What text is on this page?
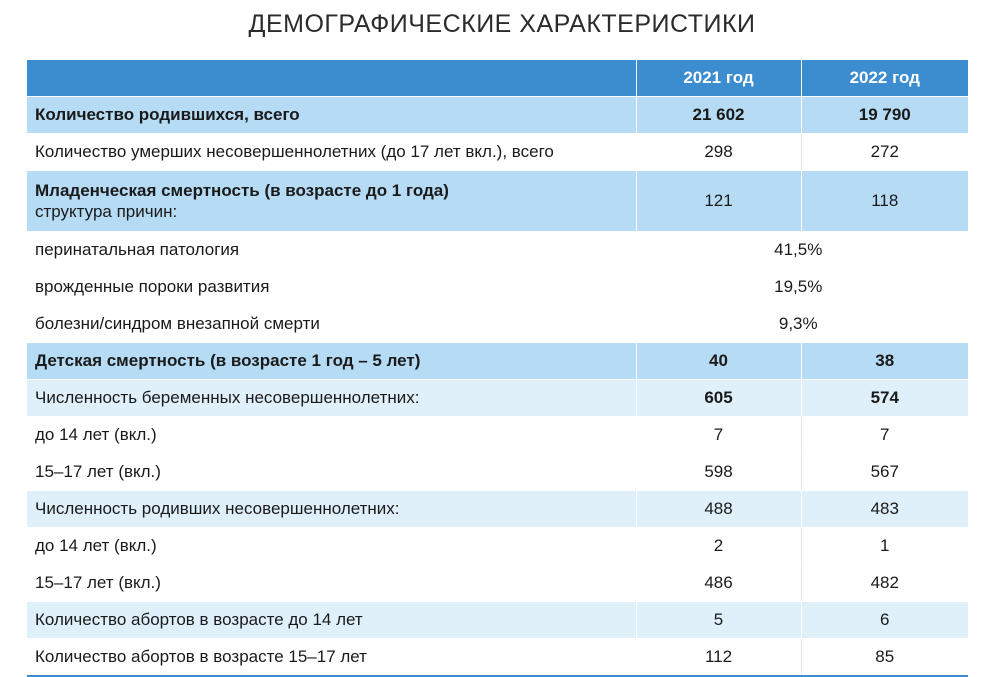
ДЕМОГРАФИЧЕСКИЕ ХАРАКТЕРИСТИКИ
	2021 год	2022 год
Количество родившихся, всего	21 602	19 790
Количество умерших несовершеннолетних (до 17 лет вкл.), всего	298	272

Младенческая смертность (в возрасте до 1 года)
структура причин:	121	118
перинатальная патология	41,5%	
врожденные пороки развития	19,5%	
болезни/синдром внезапной смерти	9,3%	
Детская смертность (в возрасте 1 год – 5 лет)	40	38
Численность беременных несовершеннолетних:	605	574
до 14 лет (вкл.)	7	7
15–17 лет (вкл.)	598	567
Численность родивших несовершеннолетних:	488	483
до 14 лет (вкл.)	2	1
15–17 лет (вкл.)	486	482
Количество абортов в возрасте до 14 лет	5	6
Количество абортов в возрасте 15–17 лет	112	85
